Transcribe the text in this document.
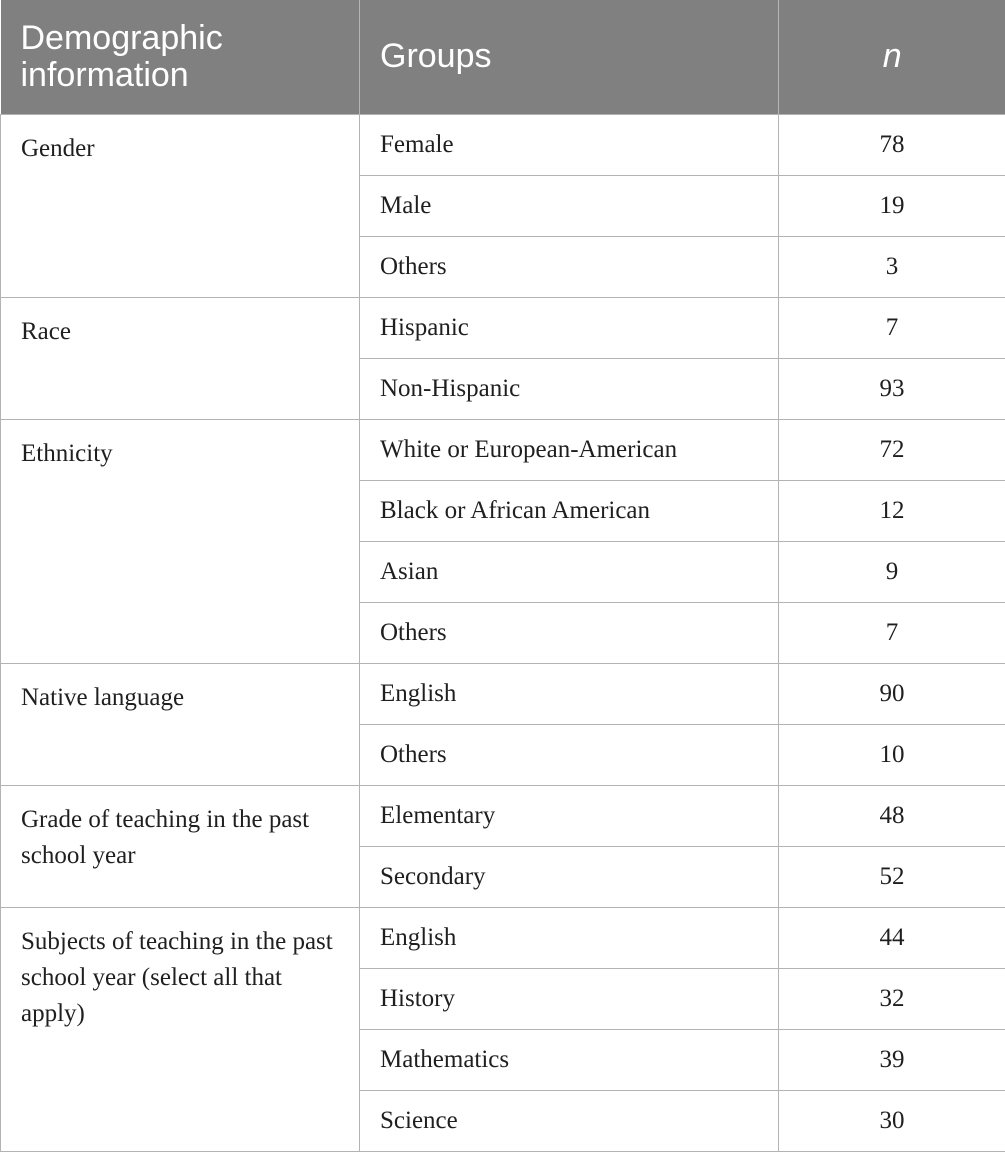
Demographic information	Groups	n
Gender	Female	78
	Male	19
	Others	3
Race	Hispanic	7
	Non-Hispanic	93
Ethnicity	White or European-American	72
	Black or African American	12
	Asian	9
	Others	7
Native language	English	90
	Others	10
Grade of teaching in the past school year	Elementary	48
	Secondary	52
Subjects of teaching in the past school year (select all that apply)	English	44
	History	32
	Mathematics	39
	Science	30
